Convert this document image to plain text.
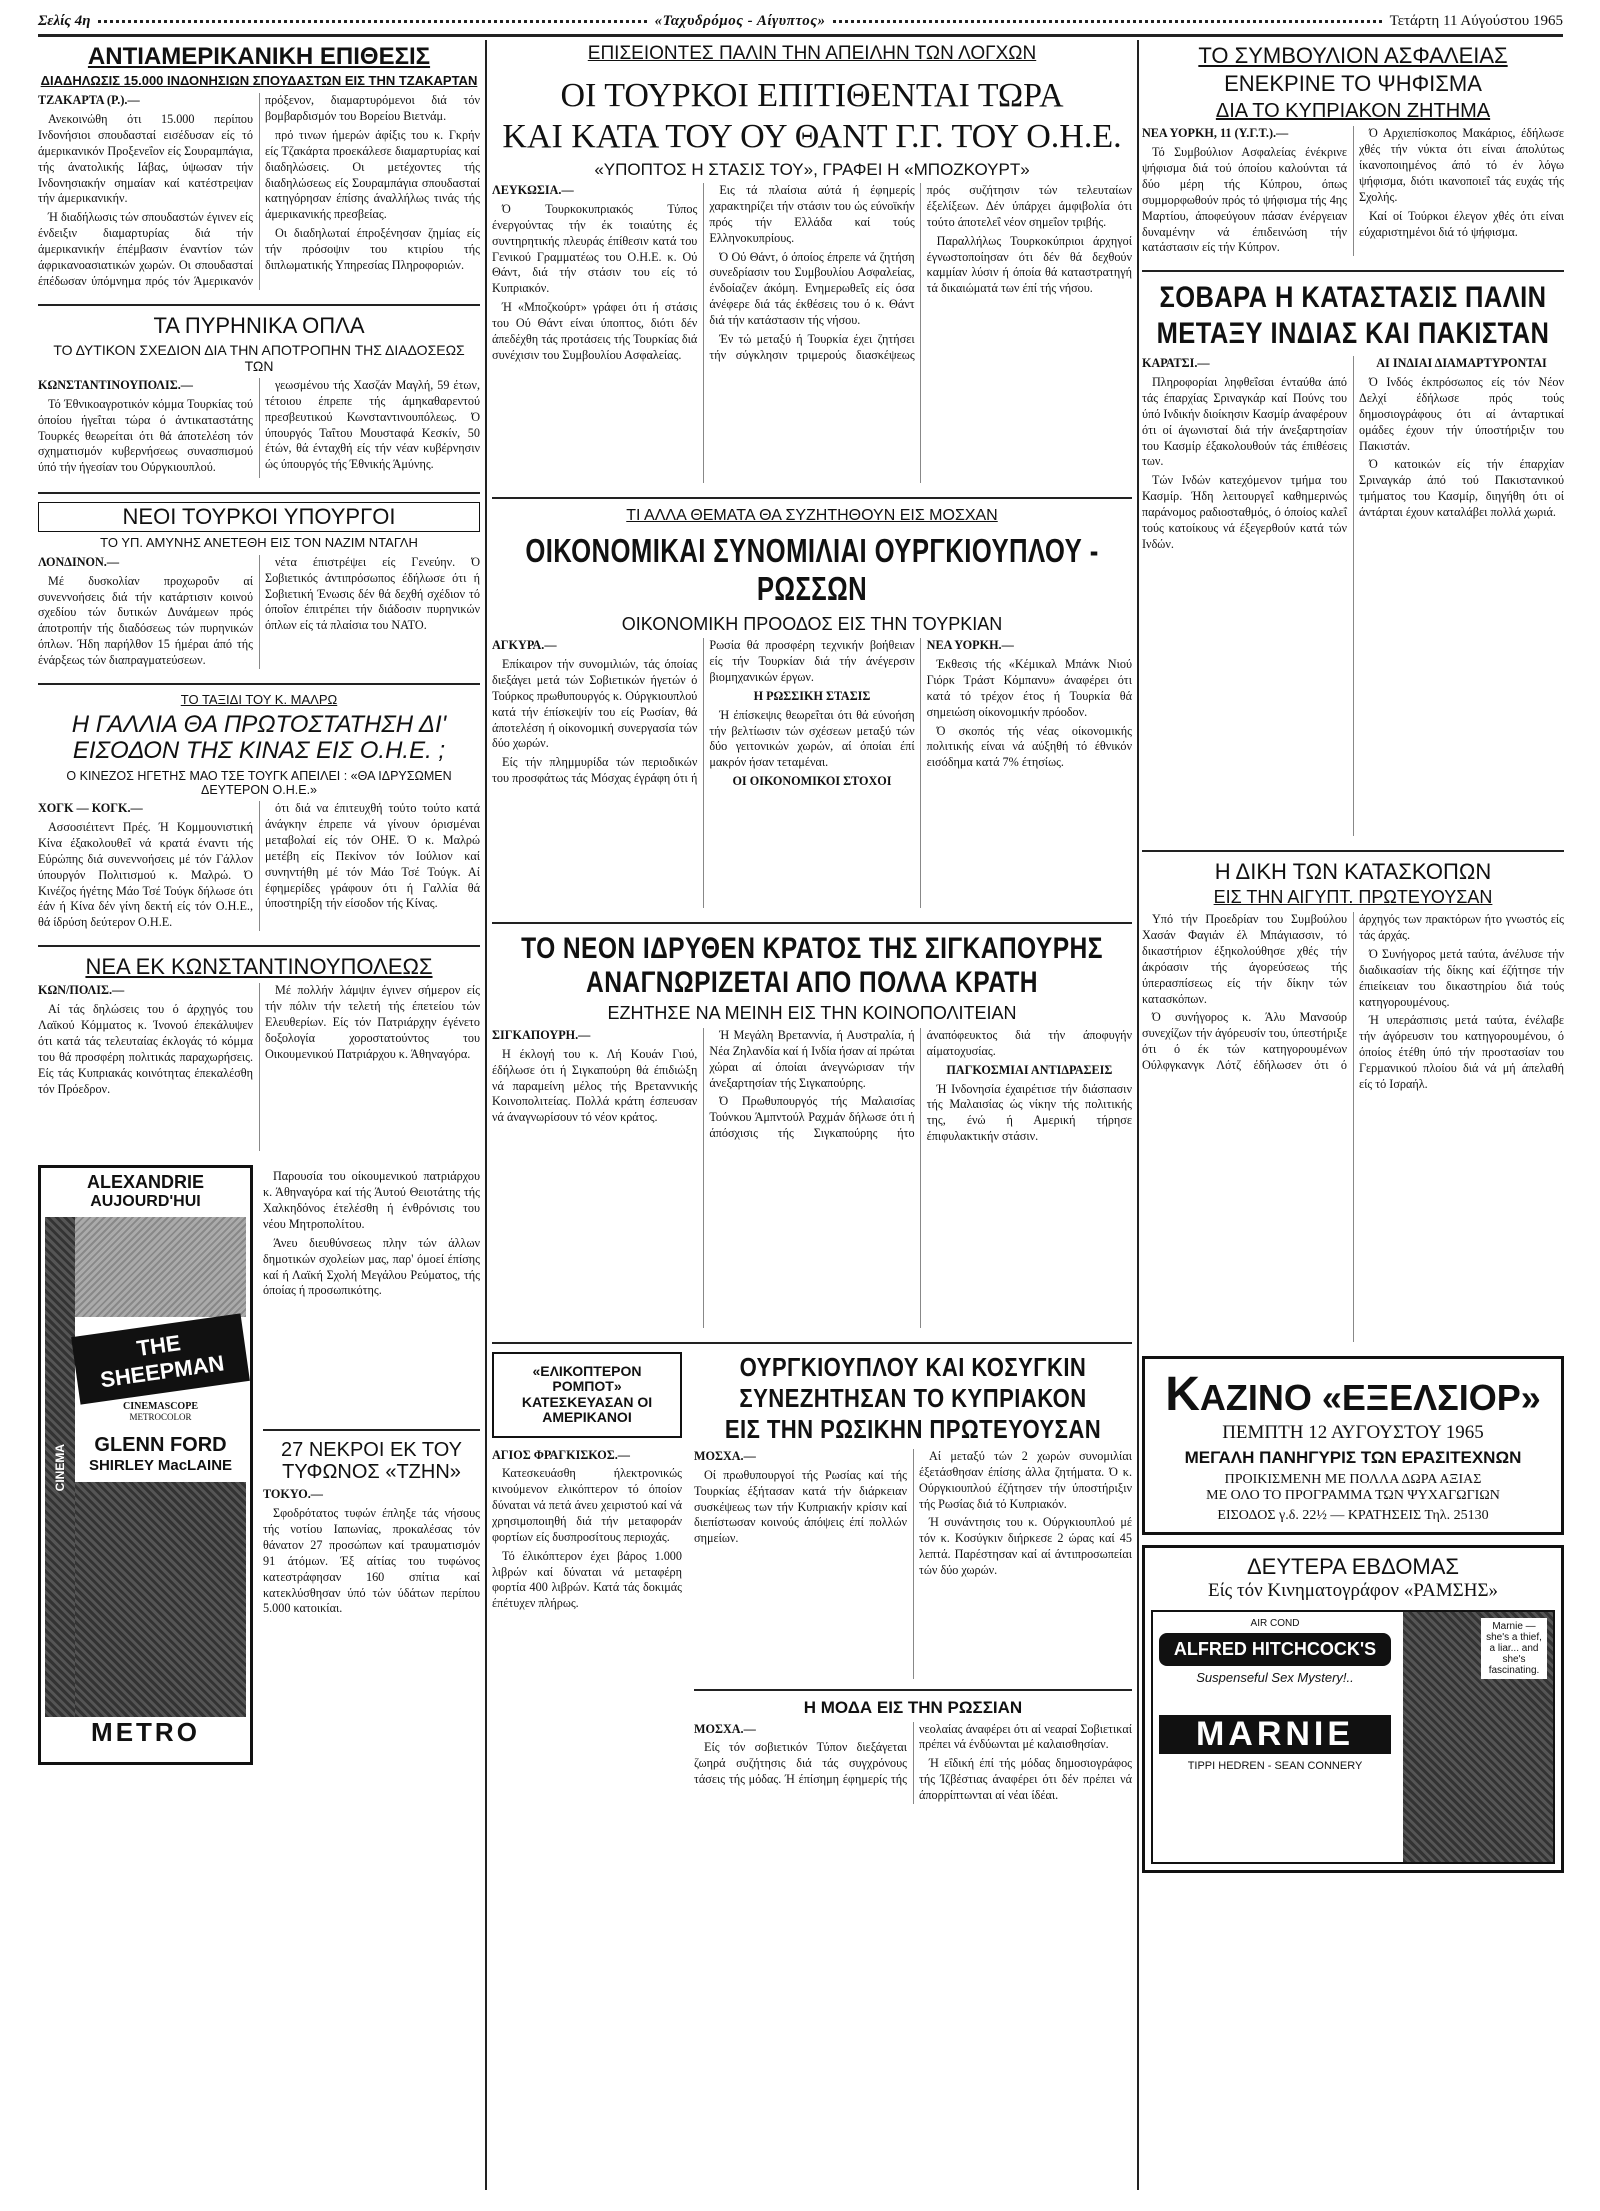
Σελίς 4η	«Ταχυδρόμος - Αίγυπτος»	Τετάρτη 11 Αύγούστου 1965
ΑΝΤΙΑΜΕΡΙΚΑΝΙΚΗ ΕΠΙΘΕΣΙΣ
ΔΙΑΔΗΛΩΣΙΣ 15.000 ΙΝΔΟΝΗΣΙΩΝ ΣΠΟΥΔΑΣΤΩΝ ΕΙΣ ΤΗΝ ΤΖΑΚΑΡΤΑΝ

ΤΖΑΚΑΡΤΑ (Ρ.).—

Ανεκοινώθη ότι 15.000 περίπου Ινδονήσιοι σπουδασταί εισέδυσαν είς τό άμερικανικόν Προξενεΐον είς Σουραμπάγια, τής άνατολικής Ιάβας, ύψωσαν τήν Ινδονησιακήν σημαίαν καί κατέστρεψαν τήν άμερικανικήν.

Ή διαδήλωσις τών σπουδαστών έγινεν είς ένδειξιν διαμαρτυρίας διά τήν άμερικανικήν έπέμβασιν έναντίον τών άφρικανοασιατικών χωρών. Οι σπουδασταί έπέδωσαν ύπόμνημα πρός τόν Άμερικανόν πρόξενον, διαμαρτυρόμενοι διά τόν βομβαρδισμόν του Βορείου Βιετνάμ.

πρό τινων ήμερών άφίξις του κ. Γκρήν είς Τζακάρτα προεκάλεσε διαμαρτυρίας καί διαδηλώσεις. Οι μετέχοντες τής διαδηλώσεως είς Σουραμπάγια σπουδασταί κατηγόρησαν έπίσης άναλλήλως τινάς τής άμερικανικής πρεσβείας.

Οι διαδηλωταί έπροξένησαν ζημίας είς τήν πρόσοψιν του κτιρίου τής διπλωματικής Υπηρεσίας Πληροφοριών.

ΤΑ ΠΥΡΗΝΙΚΑ ΟΠΛΑ
ΤΟ ΔΥΤΙΚΟΝ ΣΧΕΔΙΟΝ ΔΙΑ ΤΗΝ ΑΠΟΤΡΟΠΗΝ ΤΗΣ ΔΙΑΔΟΣΕΩΣ ΤΩΝ

ΚΩΝΣΤΑΝΤΙΝΟΥΠΟΛΙΣ.—

Τό Έθνικοαγροτικόν κόμμα Τουρκίας τού όποίου ήγεΐται τώρα ό άντικαταστάτης Τουρκές θεωρείται ότι θά άποτελέση τόν σχηματισμόν κυβερνήσεως συνασπισμού ύπό τήν ήγεσίαν του Ούργκιουπλού.

γεωσμένου τής Χασζάν Μαγλή, 59 έτων, τέτοιου έπρεπε τής άμηκαθαρεντού πρεσβευτικού Κωνσταντινουπόλεως. Ό ύπουργός Ταΐτου Μουσταφά Κεσκίν, 50 έτών, θά ένταχθή είς τήν νέαν κυβέρνησιν ώς ύπουργός τής Έθνικής Άμύνης.

ΝΕΟΙ ΤΟΥΡΚΟΙ ΥΠΟΥΡΓΟΙ
ΤΟ ΥΠ. ΑΜΥΝΗΣ ΑΝΕΤΕΘΗ ΕΙΣ ΤΟΝ ΝΑΖΙΜ ΝΤΑΓΛΗ

ΛΟΝΔΙΝΟΝ.—

Μέ δυσκολίαν προχωροΰν αί συνεννοήσεις διά τήν κατάρτισιν κοινού σχεδίου τών δυτικών Δυνάμεων πρός άποτροπήν τής διαδόσεως τών πυρηνικών όπλων. Ήδη παρήλθον 15 ήμέραι άπό τής ένάρξεως τών διαπραγματεύσεων.

νέτα έπιστρέψει είς Γενεύην. Ό Σοβιετικός άντιπρόσωπος έδήλωσε ότι ή Σοβιετική Ένωσις δέν θά δεχθή σχέδιον τό όποΐον έπιτρέπει τήν διάδοσιν πυρηνικών όπλων είς τά πλαίσια του ΝΑΤΟ.

ΤΟ ΤΑΞΙΔΙ ΤΟΥ Κ. ΜΑΛΡΩ
Η ΓΑΛΛΙΑ ΘΑ ΠΡΩΤΟΣΤΑΤΗΣΗ ΔΙ' ΕΙΣΟΔΟΝ ΤΗΣ ΚΙΝΑΣ ΕΙΣ Ο.Η.Ε. ;
Ο ΚΙΝΕΖΟΣ ΗΓΕΤΗΣ ΜΑΟ ΤΣΕ ΤΟΥΓΚ ΑΠΕΙΛΕΙ : «ΘΑ ΙΔΡΥΣΩΜΕΝ ΔΕΥΤΕΡΟΝ Ο.Η.Ε.»

ΧΟΓΚ — ΚΟΓΚ.—

Ασσοσιέιτεντ Πρές. Ή Κομμουνιστική Κίνα έξακολουθεΐ νά κρατά έναντι τής Εύρώπης διά συνεννοήσεις μέ τόν Γάλλον ύπουργόν Πολιτισμού κ. Μαλρώ. Ό Κινέζος ήγέτης Μάο Τσέ Τούγκ δήλωσε ότι έάν ή Κίνα δέν γίνη δεκτή είς τόν Ο.Η.Ε., θά ίδρύση δεύτερον Ο.Η.Ε.

ότι διά να έπιτευχθή τούτο τούτο κατά άνάγκην έπρεπε νά γίνουν όρισμέναι μεταβολαί είς τόν ΟΗΕ. Ό κ. Μαλρώ μετέβη είς Πεκίνον τόν Ιούλιον καί συνηντήθη μέ τόν Μάο Τσέ Τούγκ. Αί έφημερίδες γράφουν ότι ή Γαλλία θά ύποστηρίξη τήν είσοδον τής Κίνας.

ΝΕΑ ΕΚ ΚΩΝΣΤΑΝΤΙΝΟΥΠΟΛΕΩΣ

ΚΩΝ/ΠΟΛΙΣ.—

Αί τάς δηλώσεις του ό άρχηγός του Λαϊκού Κόμματος κ. Ίνονού έπεκάλυψεν ότι κατά τάς τελευταίας έκλογάς τό κόμμα του θά προσφέρη πολιτικάς παραχωρήσεις. Είς τάς Κυπριακάς κοινότητας έπεκαλέσθη τόν Πρόεδρον.

Μέ πολλήν λάμψιν έγινεν σήμερον είς τήν πόλιν τήν τελετή τής έπετείου τών Ελευθερίων. Είς τόν Πατριάρχην έγένετο δοξολογία χοροστατούντος του Οικουμενικού Πατριάρχου κ. Άθηναγόρα.

ALEXANDRIE
AUJOURD'HUI
CINEMA
THE SHEEPMAN
CINEMASCOPE
METROCOLOR
GLENN FORD
SHIRLEY MacLAINE
METRO

Παρουσία του οίκουμενικού πατριάρχου κ. Άθηναγόρα καί τής Άυτού Θειοτάτης τής Χαλκηδόνος έτελέσθη ή ένθρόνισις του νέου Μητροπολίτου.

Άνευ διευθύνσεως πλην τών άλλων δημοτικών σχολείων μας, παρ' όμοεί έπίσης καί ή Λαϊκή Σχολή Μεγάλου Ρεύματος, τής όποίας ή προσωπικότης.

27 ΝΕΚΡΟΙ ΕΚ ΤΟΥ ΤΥΦΩΝΟΣ «ΤΖΗΝ»

ΤΟΚΥΟ.—

Σφοδρότατος τυφών έπληξε τάς νήσους τής νοτίου Ιαπωνίας, προκαλέσας τόν θάνατον 27 προσώπων καί τραυματισμόν 91 άτόμων. Έξ αίτίας του τυφώνος κατεστράφησαν 160 σπίτια καί κατεκλύσθησαν ύπό τών ύδάτων περίπου 5.000 κατοικίαι.

ΕΠΙΣΕΙΟΝΤΕΣ ΠΑΛΙΝ ΤΗΝ ΑΠΕΙΛΗΝ ΤΩΝ ΛΟΓΧΩΝ
ΟΙ ΤΟΥΡΚΟΙ ΕΠΙΤΙΘΕΝΤΑΙ ΤΩΡΑ
ΚΑΙ ΚΑΤΑ ΤΟΥ ΟΥ ΘΑΝΤ Γ.Γ. ΤΟΥ Ο.Η.Ε.
«ΥΠΟΠΤΟΣ Η ΣΤΑΣΙΣ ΤΟΥ», ΓΡΑΦΕΙ Η «ΜΠΟΖΚΟΥΡΤ»

ΛΕΥΚΩΣΙΑ.—

Ό Τουρκοκυπριακός Τύπος ένεργούντας τήν έκ τοιαύτης ές συντηρητικής πλευράς έπίθεσιν κατά του Γενικού Γραμματέως του Ο.Η.Ε. κ. Ού Θάντ, διά τήν στάσιν του είς τό Κυπριακόν.

Ή «Μποζκούρτ» γράφει ότι ή στάσις του Ού Θάντ είναι ύποπτος, διότι δέν άπεδέχθη τάς προτάσεις τής Τουρκίας διά συνέχισιν του Συμβουλίου Ασφαλείας.

Εις τά πλαίσια αύτά ή έφημερίς χαρακτηρίζει τήν στάσιν του ώς εύνοϊκήν πρός τήν Ελλάδα καί τούς Ελληνοκυπρίους.

Ό Ού Θάντ, ό όποίος έπρεπε νά ζητήση συνεδρίασιν του Συμβουλίου Ασφαλείας, ένδοίαζεν άκόμη. Ενημερωθεΐς είς όσα άνέφερε διά τάς έκθέσεις του ό κ. Θάντ διά τήν κατάστασιν τής νήσου.

Έν τώ μεταξύ ή Τουρκία έχει ζητήσει τήν σύγκλησιν τριμερούς διασκέψεως πρός συζήτησιν τών τελευταίων έξελίξεων. Δέν ύπάρχει άμφιβολία ότι τούτο άποτελεΐ νέον σημεΐον τριβής.

Παραλλήλως Τουρκοκύπριοι άρχηγοί έγνωστοποίησαν ότι δέν θά δεχθούν καμμίαν λύσιν ή όποία θά καταστρατηγή τά δικαιώματά των έπί τής νήσου.

ΤΙ ΑΛΛΑ ΘΕΜΑΤΑ ΘΑ ΣΥΖΗΤΗΘΟΥΝ ΕΙΣ ΜΟΣΧΑΝ
ΟΙΚΟΝΟΜΙΚΑΙ ΣΥΝΟΜΙΛΙΑΙ ΟΥΡΓΚΙΟΥΠΛΟΥ - ΡΩΣΣΩΝ
ΟΙΚΟΝΟΜΙΚΗ ΠΡΟΟΔΟΣ ΕΙΣ ΤΗΝ ΤΟΥΡΚΙΑΝ

ΑΓΚΥΡΑ.—

Επίκαιρον τήν συνομιλιών, τάς όποίας διεξάγει μετά τών Σοβιετικών ήγετών ό Τούρκος πρωθυπουργός κ. Ούργκιουπλού κατά τήν έπίσκεψίν του είς Ρωσίαν, θά άποτελέση ή οίκονομική συνεργασία τών δύο χωρών.

Είς τήν πλημμυρίδα τών περιοδικών του προσφάτως τάς Μόσχας έγράφη ότι ή Ρωσία θά προσφέρη τεχνικήν βοήθειαν είς τήν Τουρκίαν διά τήν άνέγερσιν βιομηχανικών έργων.

Η ΡΩΣΣΙΚΗ ΣΤΑΣΙΣ

Ή έπίσκεψις θεωρεΐται ότι θά εύνοήση τήν βελτίωσιν τών σχέσεων μεταξύ τών δύο γειτονικών χωρών, αί όποίαι έπί μακρόν ήσαν τεταμέναι.

ΟΙ ΟΙΚΟΝΟΜΙΚΟΙ ΣΤΟΧΟΙ

ΝΕΑ ΥΟΡΚΗ.—

Έκθεσις τής «Κέμικαλ Μπάνκ Νιού Γιόρκ Τράστ Κόμπανυ» άναφέρει ότι κατά τό τρέχον έτος ή Τουρκία θά σημειώση οίκονομικήν πρόοδον.

Ό σκοπός τής νέας οίκονομικής πολιτικής είναι νά αύξηθή τό έθνικόν εισόδημα κατά 7% έτησίως.

ΤΟ ΝΕΟΝ ΙΔΡΥΘΕΝ ΚΡΑΤΟΣ ΤΗΣ ΣΙΓΚΑΠΟΥΡΗΣ
ΑΝΑΓΝΩΡΙΖΕΤΑΙ ΑΠΟ ΠΟΛΛΑ ΚΡΑΤΗ
ΕΖΗΤΗΣΕ ΝΑ ΜΕΙΝΗ ΕΙΣ ΤΗΝ ΚΟΙΝΟΠΟΛΙΤΕΙΑΝ

ΣΙΓΚΑΠΟΥΡΗ.—

Η έκλογή του κ. Λή Κουάν Γιού, έδήλωσε ότι ή Σιγκαπούρη θά έπιδιώξη νά παραμείνη μέλος τής Βρεταννικής Κοινοπολιτείας. Πολλά κράτη έσπευσαν νά άναγνωρίσουν τό νέον κράτος.

Ή Μεγάλη Βρεταννία, ή Αυστραλία, ή Νέα Ζηλανδία καί ή Ινδία ήσαν αί πρώται χώραι αί όποίαι άνεγνώρισαν τήν άνεξαρτησίαν τής Σιγκαπούρης.

Ό Πρωθυπουργός τής Μαλαισίας Τούνκου Άμπντούλ Ραχμάν δήλωσε ότι ή άπόσχισις τής Σιγκαπούρης ήτο άναπόφευκτος διά τήν άποφυγήν αίματοχυσίας.

ΠΑΓΚΟΣΜΙΑΙ ΑΝΤΙΔΡΑΣΕΙΣ

Ή Ινδονησία έχαιρέτισε τήν διάσπασιν τής Μαλαισίας ώς νίκην τής πολιτικής της, ένώ ή Αμερική τήρησε έπιφυλακτικήν στάσιν.

«ΕΛΙΚΟΠΤΕΡΟΝ ΡΟΜΠΟΤ» ΚΑΤΕΣΚΕΥΑΣΑΝ ΟΙ ΑΜΕΡΙΚΑΝΟΙ

ΑΓΙΟΣ ΦΡΑΓΚΙΣΚΟΣ.—

Κατεσκευάσθη ήλεκτρονικώς κινούμενον ελικόπτερον τό όποίον δύναται νά πετά άνευ χειριστού καί νά χρησιμοποιηθή διά τήν μεταφοράν φορτίων είς δυσπροσίτους περιοχάς.

Τό έλικόπτερον έχει βάρος 1.000 λιβρών καί δύναται νά μεταφέρη φορτία 400 λιβρών. Κατά τάς δοκιμάς έπέτυχεν πλήρως.

ΟΥΡΓΚΙΟΥΠΛΟΥ ΚΑΙ ΚΟΣΥΓΚΙΝ
ΣΥΝΕΖΗΤΗΣΑΝ ΤΟ ΚΥΠΡΙΑΚΟΝ
ΕΙΣ ΤΗΝ ΡΩΣΙΚΗΝ ΠΡΩΤΕΥΟΥΣΑΝ

ΜΟΣΧΑ.—

Οί πρωθυπουργοί τής Ρωσίας καί τής Τουρκίας έξήτασαν κατά τήν διάρκειαν συσκέψεως των τήν Κυπριακήν κρίσιν καί διεπίστωσαν κοινούς άπόψεις έπί πολλών σημείων.

Αί μεταξύ τών 2 χωρών συνομιλίαι έξετάσθησαν έπίσης άλλα ζητήματα. Ό κ. Ούργκιουπλού έζήτησεν τήν ύποστήριξιν τής Ρωσίας διά τό Κυπριακόν.

Ή συνάντησις του κ. Ούργκιουπλού μέ τόν κ. Κοσύγκιν διήρκεσε 2 ώρας καί 45 λεπτά. Παρέστησαν καί αί άντιπροσωπείαι τών δύο χωρών.

Η ΜΟΔΑ ΕΙΣ ΤΗΝ ΡΩΣΣΙΑΝ

ΜΟΣΧΑ.—

Είς τόν σοβιετικόν Τύπον διεξάγεται ζωηρά συζήτησις διά τάς συγχρόνους τάσεις τής μόδας. Ή έπίσημη έφημερίς τής νεολαίας άναφέρει ότι αί νεαραί Σοβιετικαί πρέπει νά ένδύωνται μέ καλαισθησίαν.

Ή εΐδική έπί τής μόδας δημοσιογράφος τής Ίζβέστιας άναφέρει ότι δέν πρέπει νά άπορρίπτωνται αί νέαι ίδέαι.

ΤΟ ΣΥΜΒΟΥΛΙΟΝ ΑΣΦΑΛΕΙΑΣ
ΕΝΕΚΡΙΝΕ ΤΟ ΨΗΦΙΣΜΑ
ΔΙΑ ΤΟ ΚΥΠΡΙΑΚΟΝ ΖΗΤΗΜΑ

ΝΕΑ ΥΟΡΚΗ, 11 (Υ.Γ.Τ.).—

Τό Συμβούλιον Ασφαλείας ένέκρινε ψήφισμα διά τού όποίου καλούνται τά δύο μέρη τής Κύπρου, όπως συμμορφωθούν πρός τό ψήφισμα τής 4ης Μαρτίου, άποφεύγουν πάσαν ένέργειαν δυναμένην νά έπιδεινώση τήν κατάστασιν είς τήν Κύπρον.

Ό Αρχιεπίσκοπος Μακάριος, έδήλωσε χθές τήν νύκτα ότι είναι άπολύτως ίκανοποιημένος άπό τό έν λόγω ψήφισμα, διότι ικανοποιεΐ τάς ευχάς τής Σχολής.

Καί οί Τούρκοι έλεγον χθές ότι είναι εύχαριστημένοι διά τό ψήφισμα.

ΣΟΒΑΡΑ Η ΚΑΤΑΣΤΑΣΙΣ ΠΑΛΙΝ ΜΕΤΑΞΥ ΙΝΔΙΑΣ ΚΑΙ ΠΑΚΙΣΤΑΝ

ΚΑΡΑΤΣΙ.—

Πληροφορίαι ληφθεΐσαι ένταύθα άπό τάς έπαρχίας Σριναγκάρ καί Πούνς του ύπό Ινδικήν διοίκησιν Κασμίρ άναφέρουν ότι οί άγωνισταί διά τήν άνεξαρτησίαν του Κασμίρ έξακολουθούν τάς έπιθέσεις των.

Τών Ινδών κατεχόμενον τμήμα του Κασμίρ. Ήδη λειτουργεΐ καθημερινώς παράνομος ραδιοσταθμός, ό όποίος καλεΐ τούς κατοίκους νά έξεγερθούν κατά τών Ινδών.

ΑΙ ΙΝΔΙΑΙ ΔΙΑΜΑΡΤΥΡΟΝΤΑΙ

Ό Ινδός έκπρόσωπος είς τόν Νέον Δελχί έδήλωσε πρός τούς δημοσιογράφους ότι αί άνταρτικαί ομάδες έχουν τήν ύποστήριξιν του Πακιστάν.

Ό κατοικών είς τήν έπαρχίαν Σριναγκάρ άπό τού Πακιστανικού τμήματος του Κασμίρ, διηγήθη ότι οί άντάρται έχουν καταλάβει πολλά χωριά.

Η ΔΙΚΗ ΤΩΝ ΚΑΤΑΣΚΟΠΩΝ
ΕΙΣ ΤΗΝ ΑΙΓΥΠΤ. ΠΡΩΤΕΥΟΥΣΑΝ

Υπό τήν Προεδρίαν του Συμβούλου Χασάν Φαγιάν έλ Μπάγιασσιν, τό δικαστήριον έξηκολούθησε χθές τήν άκρόασιν τής άγορεύσεως τής ύπερασπίσεως είς τήν δίκην τών κατασκόπων.

Ό συνήγορος κ. Άλυ Μανσούρ συνεχίζων τήν άγόρευσίν του, ύπεστήριξε ότι ό έκ τών κατηγορουμένων Ούλφγκανγκ Λότζ έδήλωσεν ότι ό άρχηγός των πρακτόρων ήτο γνωστός είς τάς άρχάς.

Ό Συνήγορος μετά ταύτα, άνέλυσε τήν διαδικασίαν τής δίκης καί έζήτησε τήν έπιείκειαν του δικαστηρίου διά τούς κατηγορουμένους.

Ή υπεράσπισις μετά ταύτα, ένέλαβε τήν άγόρευσιν του κατηγορουμένου, ό όποίος έτέθη ύπό τήν προστασίαν του Γερμανικού πλοίου διά νά μή άπελαθή είς τό Ισραήλ.

K ΑΖΙΝΟ «ΕΞΕΛΣΙΟΡ»
ΠΕΜΠΤΗ 12 ΑΥΓΟΥΣΤΟΥ 1965
ΜΕΓΑΛΗ ΠΑΝΗΓΥΡΙΣ ΤΩΝ ΕΡΑΣΙΤΕΧΝΩΝ
ΠΡΟΙΚΙΣΜΕΝΗ ΜΕ ΠΟΛΛΑ ΔΩΡΑ ΑΞΙΑΣ
ΜΕ ΟΛΟ ΤΟ ΠΡΟΓΡΑΜΜΑ ΤΩΝ ΨΥΧΑΓΩΓΙΩΝ
ΕΙΣΟΔΟΣ γ.δ. 22½ — ΚΡΑΤΗΣΕΙΣ Τηλ. 25130
ΔΕΥΤΕΡΑ ΕΒΔΟΜΑΣ
Είς τόν Κινηματογράφον «ΡΑΜΣΗΣ»
AIR COND
ALFRED HITCHCOCK'S
Suspenseful Sex Mystery!..
MARNIE
TIPPI HEDREN - SEAN CONNERY
Marnie — she's a thief, a liar... and she's fascinating.
